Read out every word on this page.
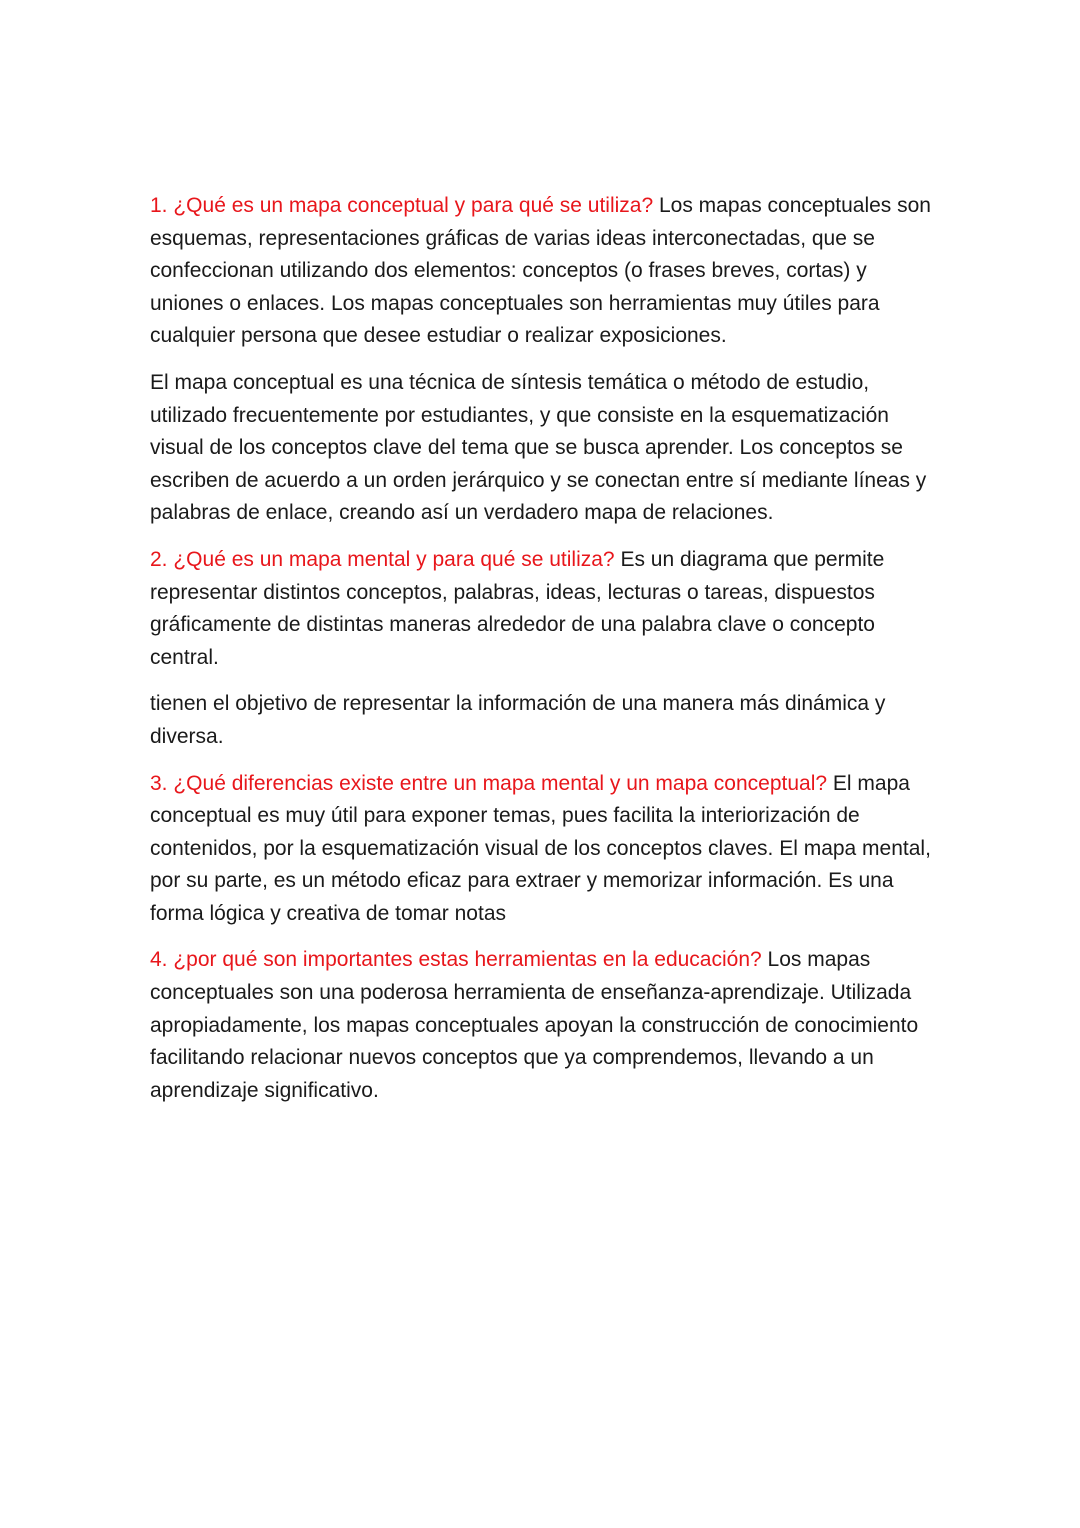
1. ¿Qué es un mapa conceptual y para qué se utiliza? Los mapas conceptuales son esquemas, representaciones gráficas de varias ideas interconectadas, que se confeccionan utilizando dos elementos: conceptos (o frases breves, cortas) y uniones o enlaces. Los mapas conceptuales son herramientas muy útiles para cualquier persona que desee estudiar o realizar exposiciones.

El mapa conceptual es una técnica de síntesis temática o método de estudio, utilizado frecuentemente por estudiantes, y que consiste en la esquematización visual de los conceptos clave del tema que se busca aprender. Los conceptos se escriben de acuerdo a un orden jerárquico y se conectan entre sí mediante líneas y palabras de enlace, creando así un verdadero mapa de relaciones.

2. ¿Qué es un mapa mental y para qué se utiliza? Es un diagrama que permite representar distintos conceptos, palabras, ideas, lecturas o tareas, dispuestos gráficamente de distintas maneras alrededor de una palabra clave o concepto central.

tienen el objetivo de representar la información de una manera más dinámica y diversa.

3. ¿Qué diferencias existe entre un mapa mental y un mapa conceptual? El mapa conceptual es muy útil para exponer temas, pues facilita la interiorización de contenidos, por la esquematización visual de los conceptos claves. El mapa mental, por su parte, es un método eficaz para extraer y memorizar información. Es una forma lógica y creativa de tomar notas

4. ¿por qué son importantes estas herramientas en la educación? Los mapas conceptuales son una poderosa herramienta de enseñanza-aprendizaje. Utilizada apropiadamente, los mapas conceptuales apoyan la construcción de conocimiento facilitando relacionar nuevos conceptos que ya comprendemos, llevando a un aprendizaje significativo.
